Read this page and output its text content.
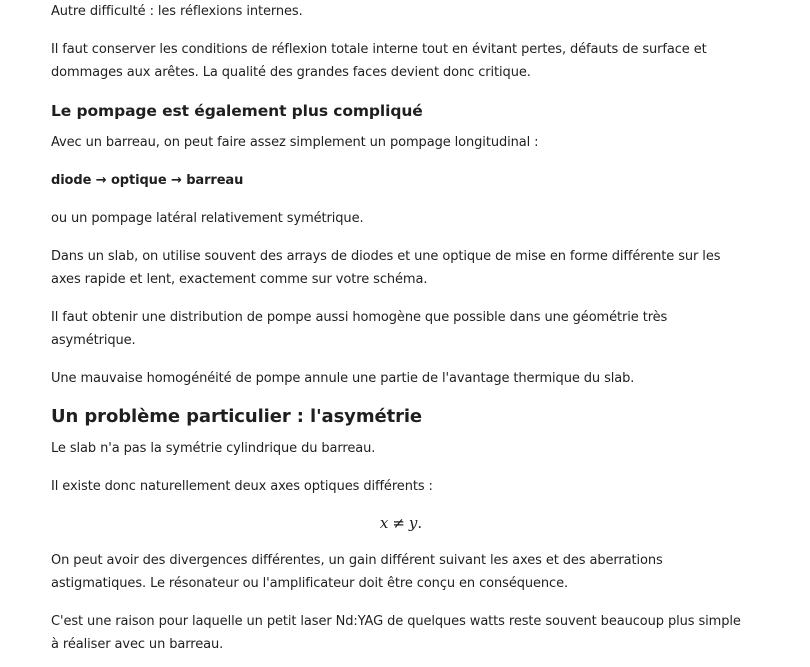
Autre difficulté : les réflexions internes.

Il faut conserver les conditions de réflexion totale interne tout en évitant pertes, défauts de surface et dommages aux arêtes. La qualité des grandes faces devient donc critique.

Le pompage est également plus compliqué

Avec un barreau, on peut faire assez simplement un pompage longitudinal :

diode → optique → barreau

ou un pompage latéral relativement symétrique.

Dans un slab, on utilise souvent des arrays de diodes et une optique de mise en forme différente sur les axes rapide et lent, exactement comme sur votre schéma.

Il faut obtenir une distribution de pompe aussi homogène que possible dans une géométrie très asymétrique.

Une mauvaise homogénéité de pompe annule une partie de l'avantage thermique du slab.

Un problème particulier : l'asymétrie

Le slab n'a pas la symétrie cylindrique du barreau.

Il existe donc naturellement deux axes optiques différents :

x ≠ y.

On peut avoir des divergences différentes, un gain différent suivant les axes et des aberrations astigmatiques. Le résonateur ou l'amplificateur doit être conçu en conséquence.

C'est une raison pour laquelle un petit laser Nd:YAG de quelques watts reste souvent beaucoup plus simple à réaliser avec un barreau.
